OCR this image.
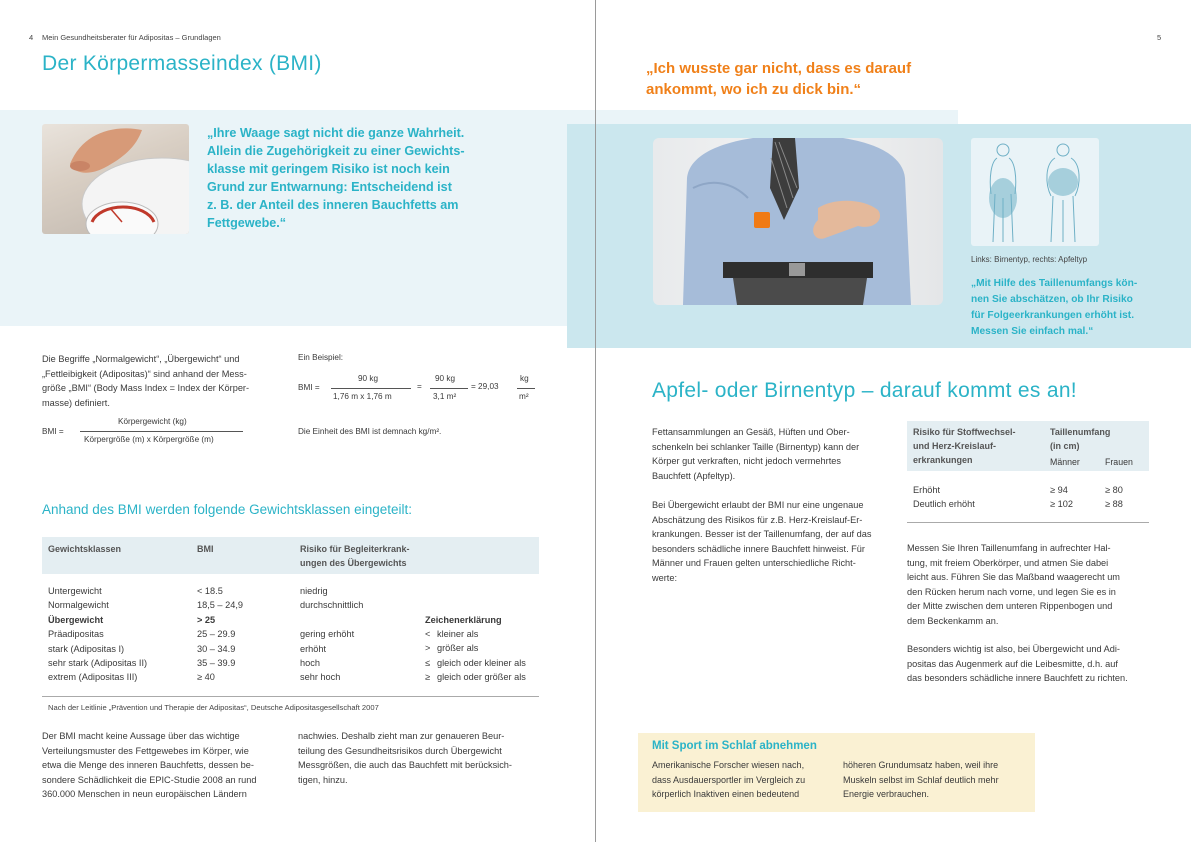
4 Mein Gesundheitsberater für Adipositas – Grundlagen
Der Körpermasseindex (BMI)
„Ihre Waage sagt nicht die ganze Wahrheit.
Allein die Zugehörigkeit zu einer Gewichts-
klasse mit geringem Risiko ist noch kein
Grund zur Entwarnung: Entscheidend ist
z. B. der Anteil des inneren Bauchfetts am
Fettgewebe.“
Die Begriffe „Normalgewicht“, „Übergewicht“ und
„Fettleibigkeit (Adipositas)“ sind anhand der Mess-
größe „BMI“ (Body Mass Index = Index der Körper-
masse) definiert.
BMI =
Körpergewicht (kg)
Körpergröße (m) x Körpergröße (m)
Ein Beispiel:
BMI =
90 kg
1,76 m x 1,76 m
=
90 kg
3,1 m²
= 29,03
kg
m²
Die Einheit des BMI ist demnach kg/m².
Anhand des BMI werden folgende Gewichtsklassen eingeteilt:
Gewichtsklassen	BMI	Risiko für Begleiterkrank-
ungen des Übergewichts
Untergewicht	< 18.5	niedrig
Normalgewicht	18,5 – 24,9	durchschnittlich
Übergewicht	> 25
Präadipositas	25 – 29.9	gering erhöht
stark (Adipositas I)	30 – 34.9	erhöht
sehr stark (Adipositas II)	35 – 39.9	hoch
extrem (Adipositas III)	≥ 40	sehr hoch
Zeichenerklärung
< kleiner als
> größer als
≤ gleich oder kleiner als
≥ gleich oder größer als
Nach der Leitlinie „Prävention und Therapie der Adipositas“, Deutsche Adipositasgesellschaft 2007
Der BMI macht keine Aussage über das wichtige
Verteilungsmuster des Fettgewebes im Körper, wie
etwa die Menge des inneren Bauchfetts, dessen be-
sondere Schädlichkeit die EPIC-Studie 2008 an rund
360.000 Menschen in neun europäischen Ländern
nachwies. Deshalb zieht man zur genaueren Beur-
teilung des Gesundheitsrisikos durch Übergewicht
Messgrößen, die auch das Bauchfett mit berücksich-
tigen, hinzu.
5
„Ich wusste gar nicht, dass es darauf
ankommt, wo ich zu dick bin.“
Links: Birnentyp, rechts: Apfeltyp
„Mit Hilfe des Taillenumfangs kön-
nen Sie abschätzen, ob Ihr Risiko
für Folgeerkrankungen erhöht ist.
Messen Sie einfach mal.“
Apfel- oder Birnentyp – darauf kommt es an!
Fettansammlungen an Gesäß, Hüften und Ober-
schenkeln bei schlanker Taille (Birnentyp) kann der
Körper gut verkraften, nicht jedoch vermehrtes
Bauchfett (Apfeltyp).
Bei Übergewicht erlaubt der BMI nur eine ungenaue
Abschätzung des Risikos für z.B. Herz-Kreislauf-Er-
krankungen. Besser ist der Taillenumfang, der auf das
besonders schädliche innere Bauchfett hinweist. Für
Männer und Frauen gelten unterschiedliche Richt-
werte:
Risiko für Stoffwechsel-
und Herz-Kreislauf-
erkrankungen
Taillenumfang
(in cm)
Männer	Frauen
Erhöht	≥ 94	≥ 80
Deutlich erhöht	≥ 102	≥ 88
Messen Sie Ihren Taillenumfang in aufrechter Hal-
tung, mit freiem Oberkörper, und atmen Sie dabei
leicht aus. Führen Sie das Maßband waagerecht um
den Rücken herum nach vorne, und legen Sie es in
der Mitte zwischen dem unteren Rippenbogen und
dem Beckenkamm an.
Besonders wichtig ist also, bei Übergewicht und Adi-
positas das Augenmerk auf die Leibesmitte, d.h. auf
das besonders schädliche innere Bauchfett zu richten.
Mit Sport im Schlaf abnehmen
Amerikanische Forscher wiesen nach,
dass Ausdauersportler im Vergleich zu
körperlich Inaktiven einen bedeutend
höheren Grundumsatz haben, weil ihre
Muskeln selbst im Schlaf deutlich mehr
Energie verbrauchen.
